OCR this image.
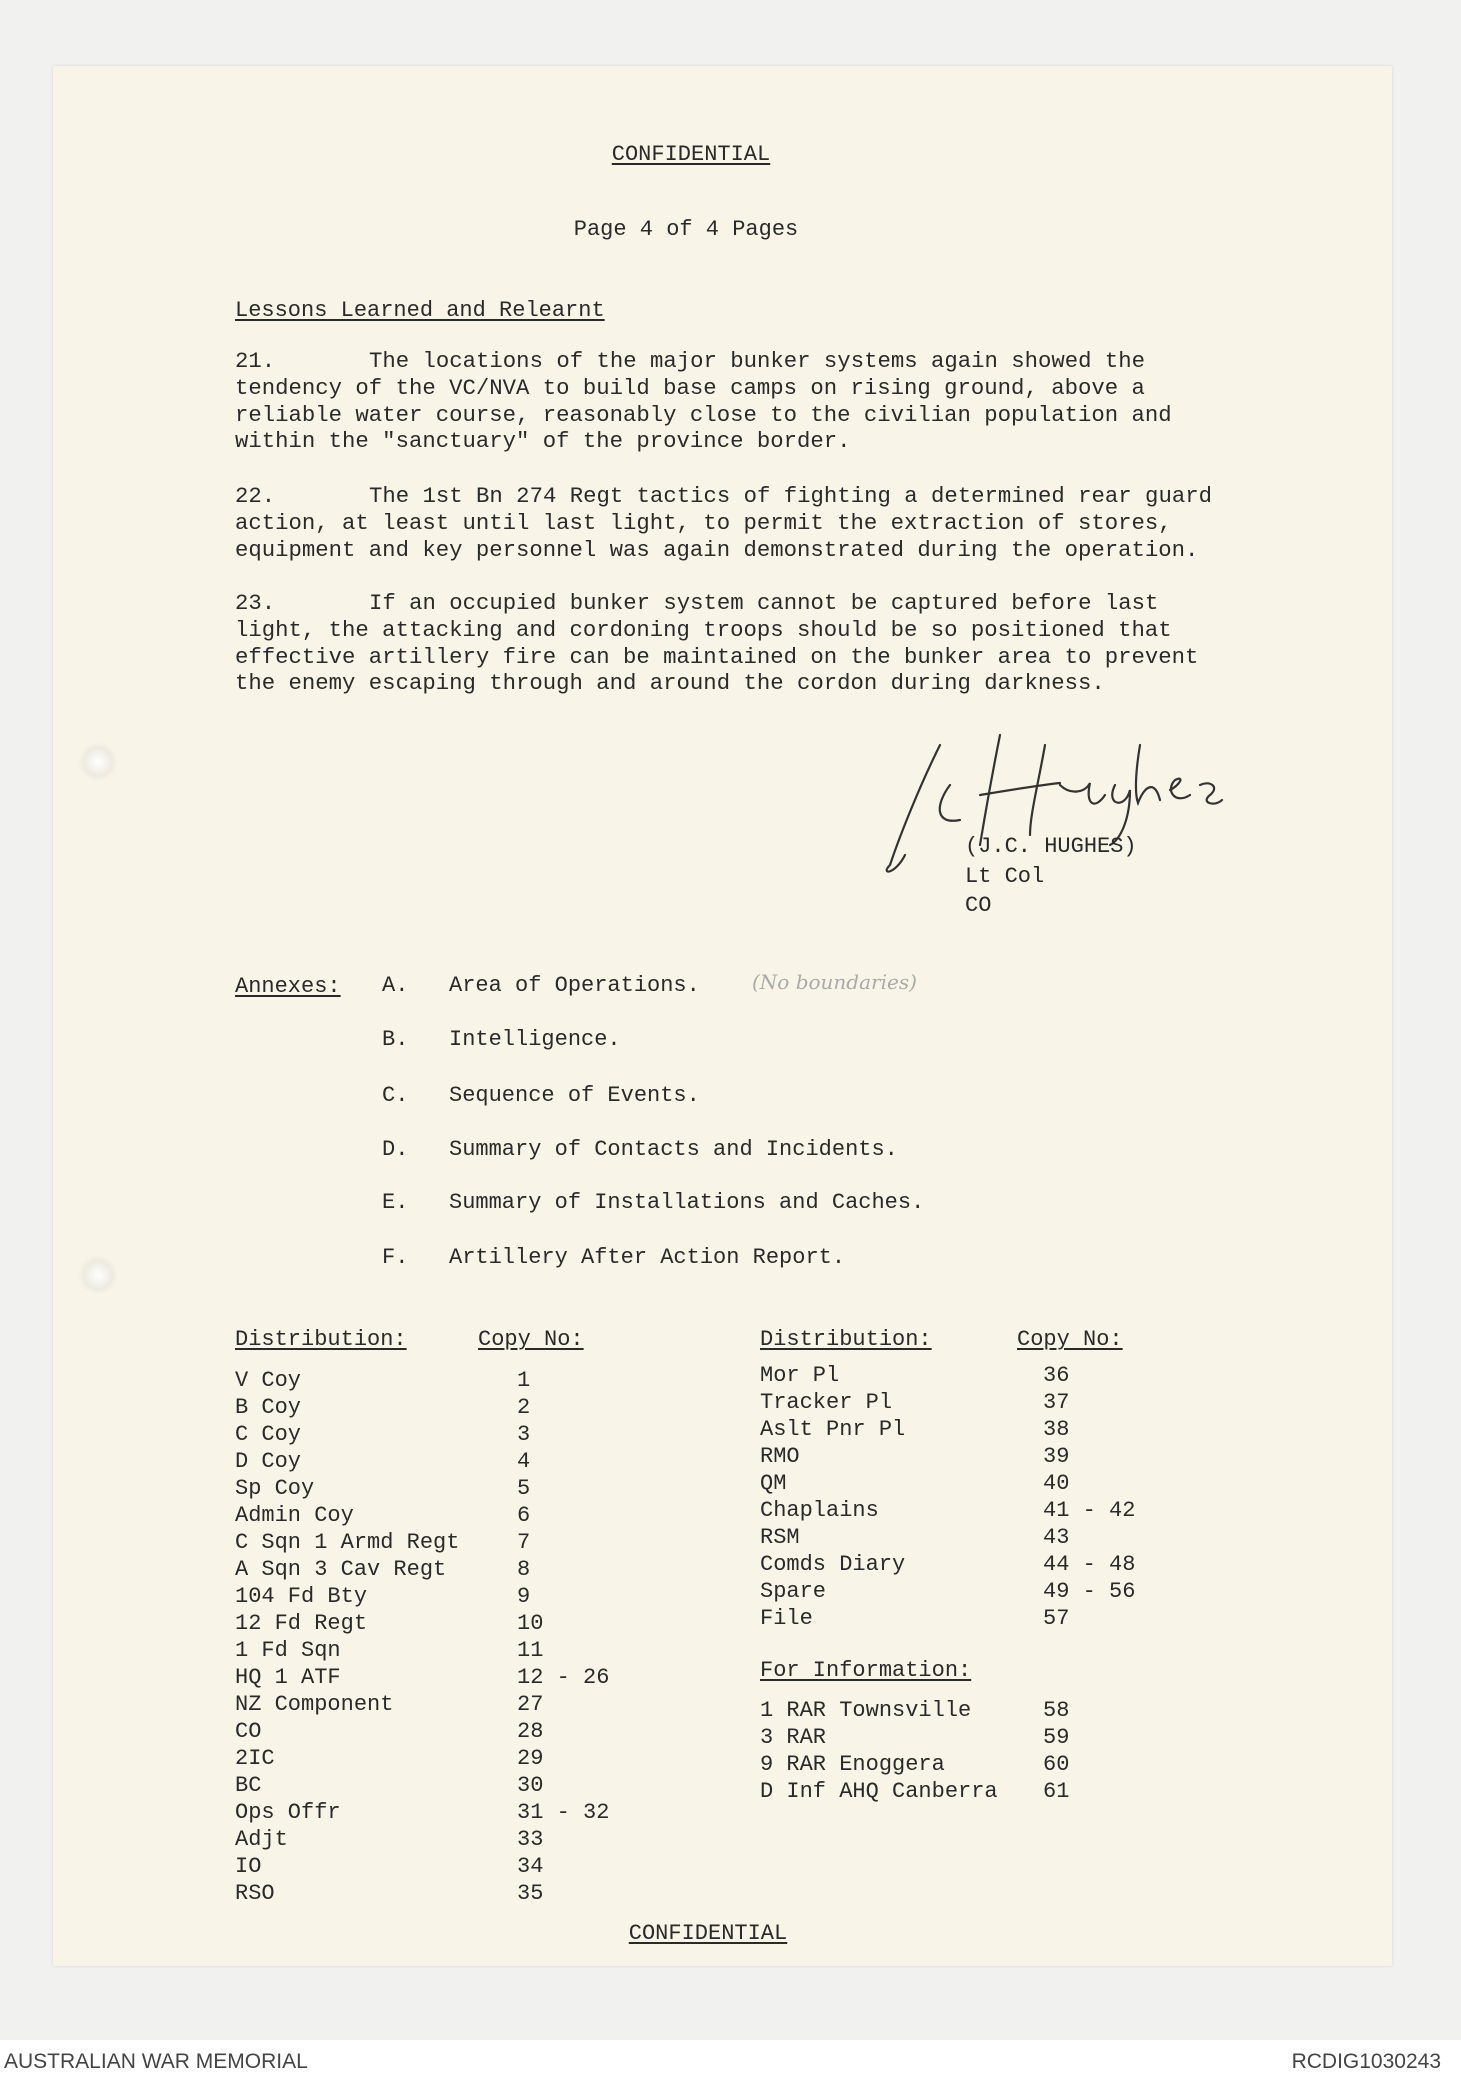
CONFIDENTIAL
Page 4 of 4 Pages
Lessons Learned and Relearnt
21.	The locations of the major bunker systems again showed the
tendency of the VC/NVA to build base camps on rising ground, above a
reliable water course, reasonably close to the civilian population and
within the "sanctuary" of the province border.
22.	The 1st Bn 274 Regt tactics of fighting a determined rear guard
action, at least until last light, to permit the extraction of stores,
equipment and key personnel was again demonstrated during the operation.
23.	If an occupied bunker system cannot be captured before last
light, the attacking and cordoning troops should be so positioned that
effective artillery fire can be maintained on the bunker area to prevent
the enemy escaping through and around the cordon during darkness.
(J.C. HUGHES)
Lt Col
CO
Annexes:	(No boundaries)
A. Area of Operations.
B. Intelligence.
C. Sequence of Events.
D. Summary of Contacts and Incidents.
E. Summary of Installations and Caches.
F. Artillery After Action Report.
Distribution:	Copy No:	Distribution:	Copy No:
V Coy	1
B Coy	2
C Coy	3
D Coy	4
Sp Coy	5
Admin Coy	6
C Sqn 1 Armd Regt	7
A Sqn 3 Cav Regt	8
104 Fd Bty	9
12 Fd Regt	10
1 Fd Sqn	11
HQ 1 ATF	12 - 26
NZ Component	27
CO	28
2IC	29
BC	30
Ops Offr	31 - 32
Adjt	33
IO	34
RSO	35
Mor Pl	36
Tracker Pl	37
Aslt Pnr Pl	38
RMO	39
QM	40
Chaplains	41 - 42
RSM	43
Comds Diary	44 - 48
Spare	49 - 56
File	57
For Information:
1 RAR Townsville	58
3 RAR	59
9 RAR Enoggera	60
D Inf AHQ Canberra 61
CONFIDENTIAL
AUSTRALIAN WAR MEMORIAL	RCDIG1030243
